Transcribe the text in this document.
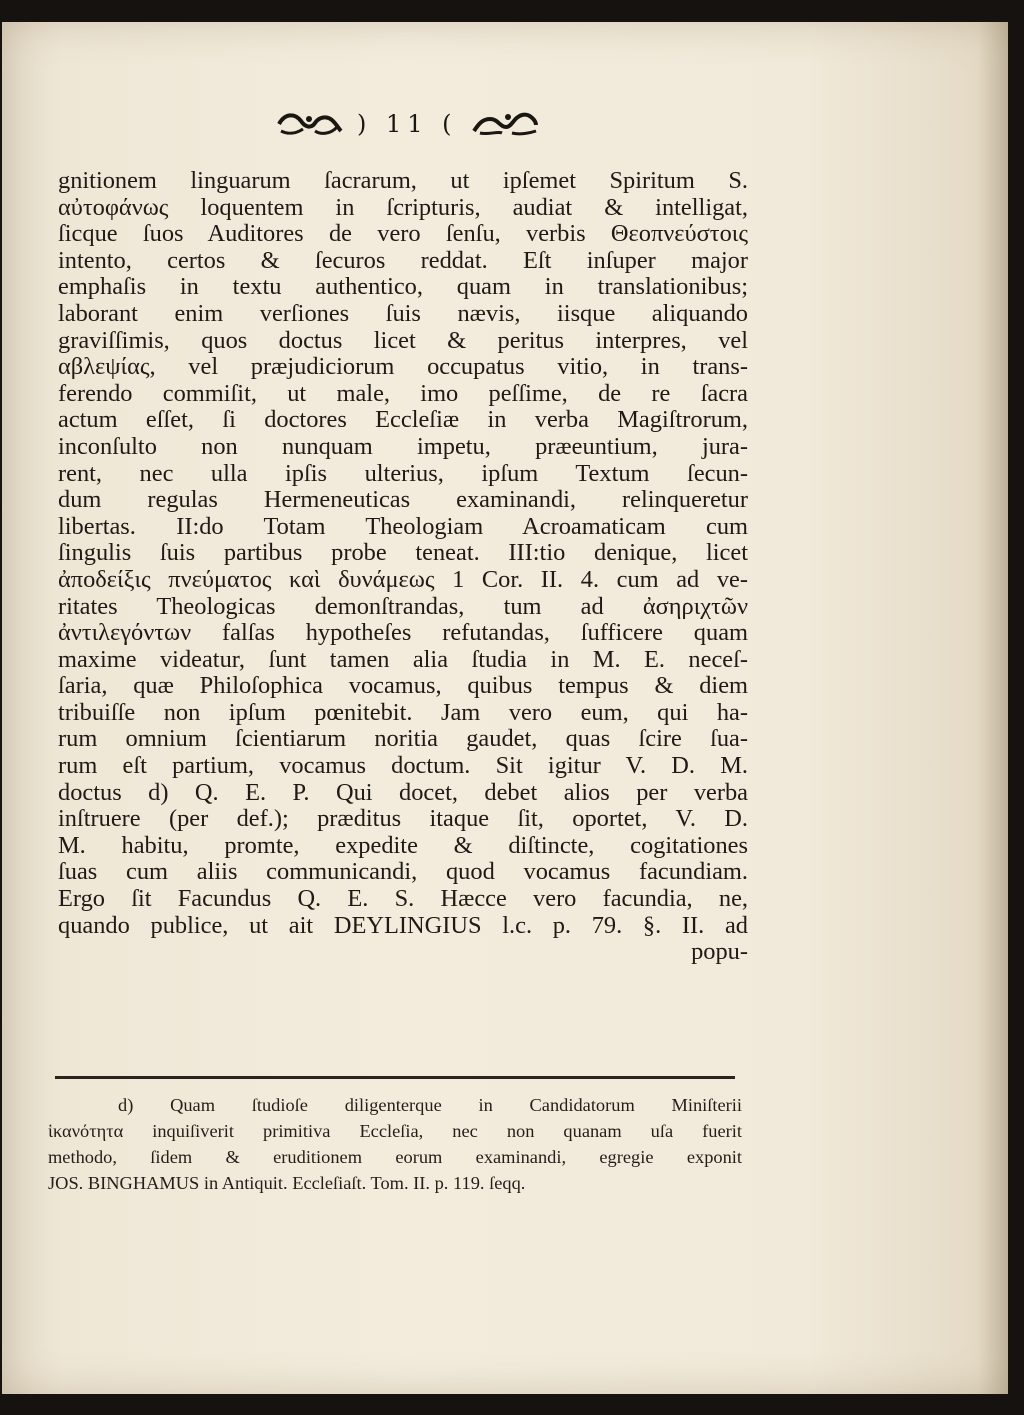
) 11 (
gnitionem linguarum ſacrarum, ut ipſemet Spiritum S.
αὐτοφάνως loquentem in ſcripturis, audiat & intelligat,
ſicque ſuos Auditores de vero ſenſu, verbis Θεοπνεύστοις
intento, certos & ſecuros reddat. Eſt inſuper major
emphaſis in textu authentico, quam in translationibus;
laborant enim verſiones ſuis nævis, iisque aliquando
graviſſimis, quos doctus licet & peritus interpres, vel
αβλεψίας, vel præjudiciorum occupatus vitio, in trans-
ferendo commiſit, ut male, imo peſſime, de re ſacra
actum eſſet, ſi doctores Eccleſiæ in verba Magiſtrorum,
inconſulto non nunquam impetu, præeuntium, jura-
rent, nec ulla ipſis ulterius, ipſum Textum ſecun-
dum regulas Hermeneuticas examinandi, relinqueretur
libertas. II:do Totam Theologiam Acroamaticam cum
ſingulis ſuis partibus probe teneat. III:tio denique, licet
ἀποδείξις πνεύματος καὶ δυνάμεως 1 Cor. II. 4. cum ad ve-
ritates Theologicas demonſtrandas, tum ad ἀσηριχτῶν
ἀντιλεγόντων falſas hypotheſes refutandas, ſufficere quam
maxime videatur, ſunt tamen alia ſtudia in M. E. neceſ-
ſaria, quæ Philoſophica vocamus, quibus tempus & diem
tribuiſſe non ipſum pœnitebit. Jam vero eum, qui ha-
rum omnium ſcientiarum noritia gaudet, quas ſcire ſua-
rum eſt partium, vocamus doctum. Sit igitur V. D. M.
doctus d) Q. E. P. Qui docet, debet alios per verba
inſtruere (per def.); præditus itaque ſit, oportet, V. D.
M. habitu, promte, expedite & diſtincte, cogitationes
ſuas cum aliis communicandi, quod vocamus facundiam.
Ergo ſit Facundus Q. E. S. Hæcce vero facundia, ne,
quando publice, ut ait DEYLINGIUS l.c. p. 79. §. II. ad
popu-
d) Quam ſtudioſe diligenterque in Candidatorum Miniſterii
ἱκανότητα inquiſiverit primitiva Eccleſia, nec non quanam uſa fuerit
methodo, ſidem & eruditionem eorum examinandi, egregie exponit
JOS. BINGHAMUS in Antiquit. Eccleſiaſt. Tom. II. p. 119. ſeqq.
